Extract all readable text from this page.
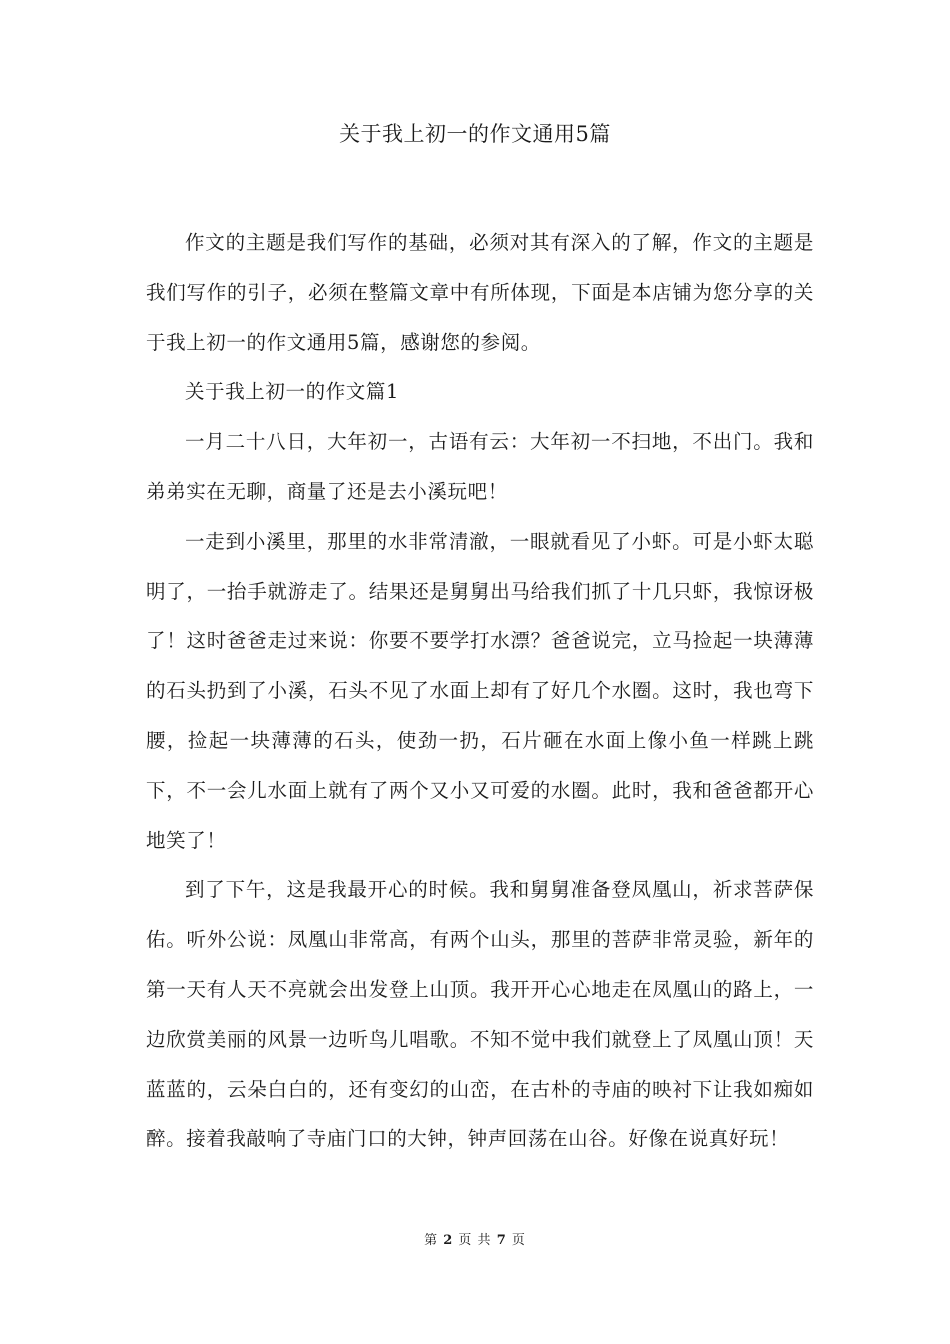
关于我上初一的作文通用5篇

作文的主题是我们写作的基础，必须对其有深入的了解，作文的主题是我们写作的引子，必须在整篇文章中有所体现，下面是本店铺为您分享的关于我上初一的作文通用5篇，感谢您的参阅。

关于我上初一的作文篇1

一月二十八日，大年初一，古语有云：大年初一不扫地，不出门。我和弟弟实在无聊，商量了还是去小溪玩吧！

一走到小溪里，那里的水非常清澈，一眼就看见了小虾。可是小虾太聪明了，一抬手就游走了。结果还是舅舅出马给我们抓了十几只虾，我惊讶极了！这时爸爸走过来说：你要不要学打水漂？爸爸说完，立马捡起一块薄薄的石头扔到了小溪，石头不见了水面上却有了好几个水圈。这时，我也弯下腰，捡起一块薄薄的石头，使劲一扔，石片砸在水面上像小鱼一样跳上跳下，不一会儿水面上就有了两个又小又可爱的水圈。此时，我和爸爸都开心地笑了！

到了下午，这是我最开心的时候。我和舅舅准备登凤凰山，祈求菩萨保佑。听外公说：凤凰山非常高，有两个山头，那里的菩萨非常灵验，新年的第一天有人天不亮就会出发登上山顶。我开开心心地走在凤凰山的路上，一边欣赏美丽的风景一边听鸟儿唱歌。不知不觉中我们就登上了凤凰山顶！天蓝蓝的，云朵白白的，还有变幻的山峦，在古朴的寺庙的映衬下让我如痴如醉。接着我敲响了寺庙门口的大钟，钟声回荡在山谷。好像在说真好玩！

第 2 页 共 7 页
